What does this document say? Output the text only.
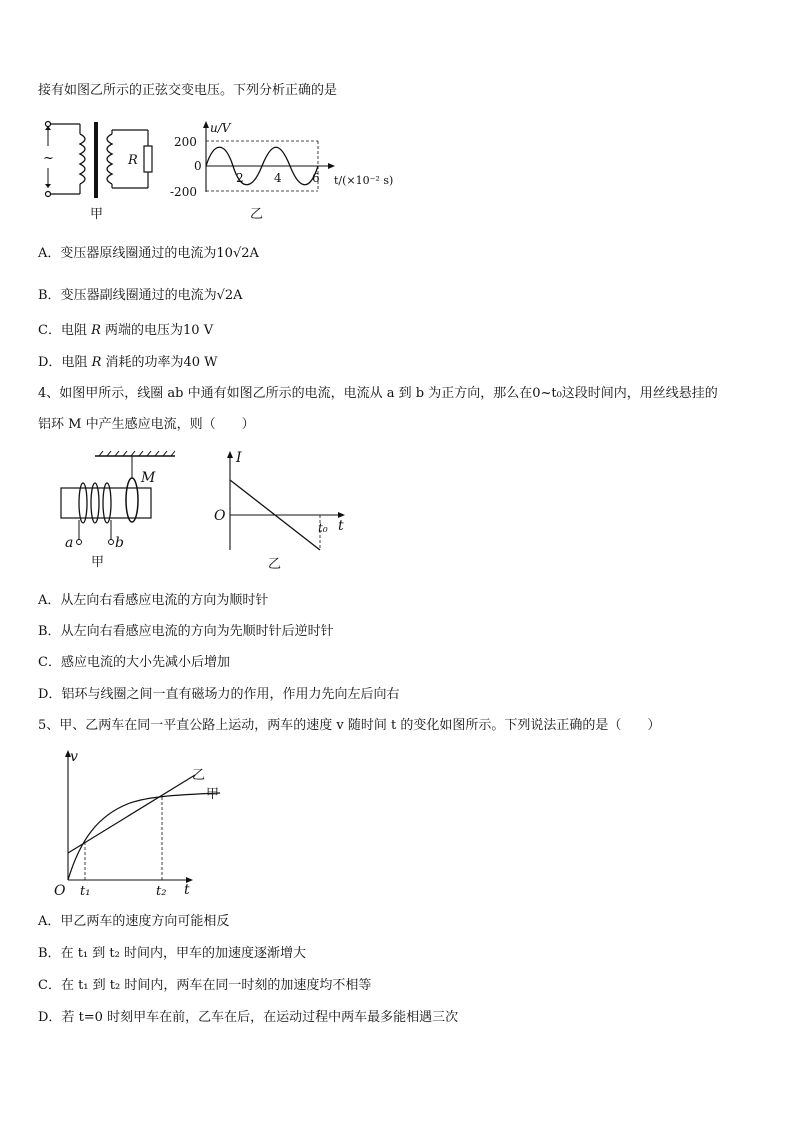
接有如图乙所示的正弦交变电压。下列分析正确的是
~	R
甲
200
0
-200
2	4	6
u/V
t/(×10⁻² s)
乙
A．变压器原线圈通过的电流为10√2A
B．变压器副线圈通过的电流为√2A
C．电阻 R 两端的电压为10 V
D．电阻 R 消耗的功率为40 W
4、如图甲所示，线圈 ab 中通有如图乙所示的电流，电流从 a 到 b 为正方向，那么在0~t₀这段时间内，用丝线悬挂的
铝环 M 中产生感应电流，则（　　）
M
a	b
甲
I
O
t₀ t
乙
A．从左向右看感应电流的方向为顺时针
B．从左向右看感应电流的方向为先顺时针后逆时针
C．感应电流的大小先减小后增加
D．铝环与线圈之间一直有磁场力的作用，作用力先向左后向右
5、甲、乙两车在同一平直公路上运动，两车的速度 v 随时间 t 的变化如图所示。下列说法正确的是（　　）
v
O t₁	t₂ t
乙
甲
A．甲乙两车的速度方向可能相反
B．在 t₁ 到 t₂ 时间内，甲车的加速度逐渐增大
C．在 t₁ 到 t₂ 时间内，两车在同一时刻的加速度均不相等
D．若 t=0 时刻甲车在前，乙车在后，在运动过程中两车最多能相遇三次
